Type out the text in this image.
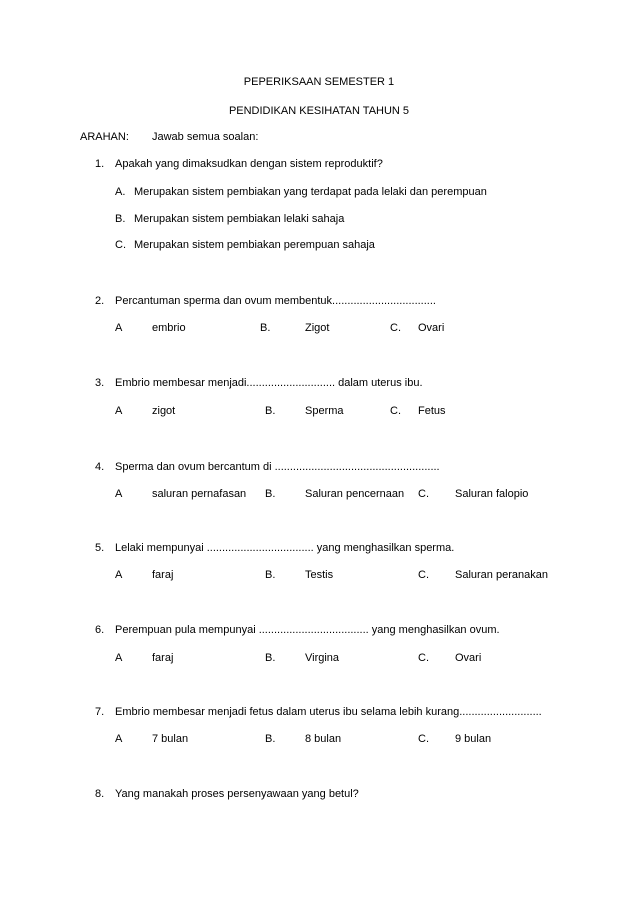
PEPERIKSAAN SEMESTER 1
PENDIDIKAN KESIHATAN TAHUN 5
ARAHAN: Jawab semua soalan:
1. Apakah yang dimaksudkan dengan sistem reproduktif?
A. Merupakan sistem pembiakan yang terdapat pada lelaki dan perempuan
B. Merupakan sistem pembiakan lelaki sahaja
C. Merupakan sistem pembiakan perempuan sahaja
2. Percantuman sperma dan ovum membentuk..................................
A	embrio	B.	Zigot	C. Ovari
3. Embrio membesar menjadi............................. dalam uterus ibu.
A	zigot	B.	Sperma	C. Fetus
4. Sperma dan ovum bercantum di ......................................................
A	saluran pernafasan B.	Saluran pencernaan C. Saluran falopio
5. Lelaki mempunyai ................................... yang menghasilkan sperma.
A	faraj	B.	Testis	C. Saluran peranakan
6. Perempuan pula mempunyai .................................... yang menghasilkan ovum.
A	faraj	B.	Virgina	C. Ovari
7. Embrio membesar menjadi fetus dalam uterus ibu selama lebih kurang...........................
A	7 bulan	B.	8 bulan	C. 9 bulan
8. Yang manakah proses persenyawaan yang betul?
